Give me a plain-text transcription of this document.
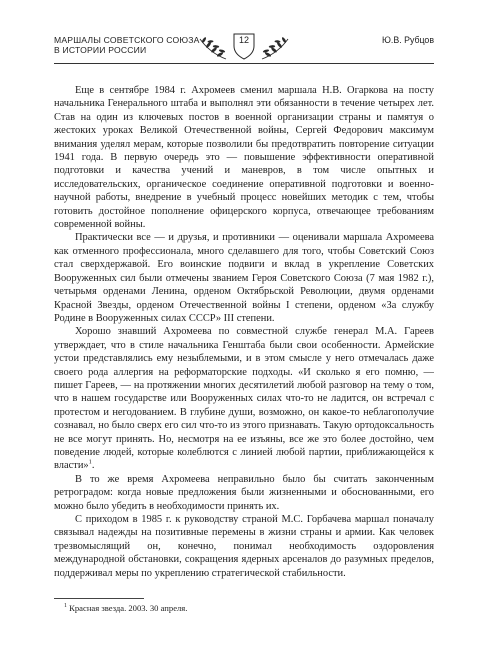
МАРШАЛЫ СОВЕТСКОГО СОЮЗА
В ИСТОРИИ РОССИИ
12	Ю.В. Рубцов

Еще в сентябре 1984 г. Ахромеев сменил маршала Н.В. Огаркова на посту начальника Генерального штаба и выполнял эти обязанности в течение четырех лет. Став на один из ключевых постов в военной организации страны и памятуя о жестоких уроках Великой Отечественной войны, Сергей Федорович максимум внимания уделял мерам, которые позволили бы предотвратить повторение ситуации 1941 года. В первую очередь это — повышение эффективности оперативной подготовки и качества учений и маневров, в том числе опытных и исследовательских, органическое соединение оперативной подготовки и военно-научной работы, внедрение в учебный процесс новейших методик с тем, чтобы готовить достойное пополнение офицерского корпуса, отвечающее требованиям современной войны.

Практически все — и друзья, и противники — оценивали маршала Ахромеева как отменного профессионала, много сделавшего для того, чтобы Советский Союз стал сверхдержавой. Его воинские подвиги и вклад в укрепление Советских Вооруженных сил были отмечены званием Героя Советского Союза (7 мая 1982 г.), четырьмя орденами Ленина, орденом Октябрьской Революции, двумя орденами Красной Звезды, орденом Отечественной войны I степени, орденом «За службу Родине в Вооруженных силах СССР» III степени.

Хорошо знавший Ахромеева по совместной службе генерал М.А. Гареев утверждает, что в стиле начальника Генштаба были свои особенности. Армейские устои представлялись ему незыблемыми, и в этом смысле у него отмечалась даже своего рода аллергия на реформаторские подходы. «И сколько я его помню, — пишет Гареев, — на протяжении многих десятилетий любой разговор на тему о том, что в нашем государстве или Вооруженных силах что-то не ладится, он встречал с протестом и негодованием. В глубине души, возможно, он какое-то неблагополучие сознавал, но было сверх его сил что-то из этого признавать. Такую ортодоксальность не все могут принять. Но, несмотря на ее изъяны, все же это более достойно, чем поведение людей, которые колеблются с линией любой партии, приближающейся к власти»$^1$.

В то же время Ахромеева неправильно было бы считать законченным ретроградом: когда новые предложения были жизненными и обоснованными, его можно было убедить в необходимости принять их.

С приходом в 1985 г. к руководству страной М.С. Горбачева маршал поначалу связывал надежды на позитивные перемены в жизни страны и армии. Как человек трезвомыслящий он, конечно, понимал необходимость оздоровления международной обстановки, сокращения ядерных арсеналов до разумных пределов, поддерживал меры по укреплению стратегической стабильности.

$^1$ Красная звезда. 2003. 30 апреля.
